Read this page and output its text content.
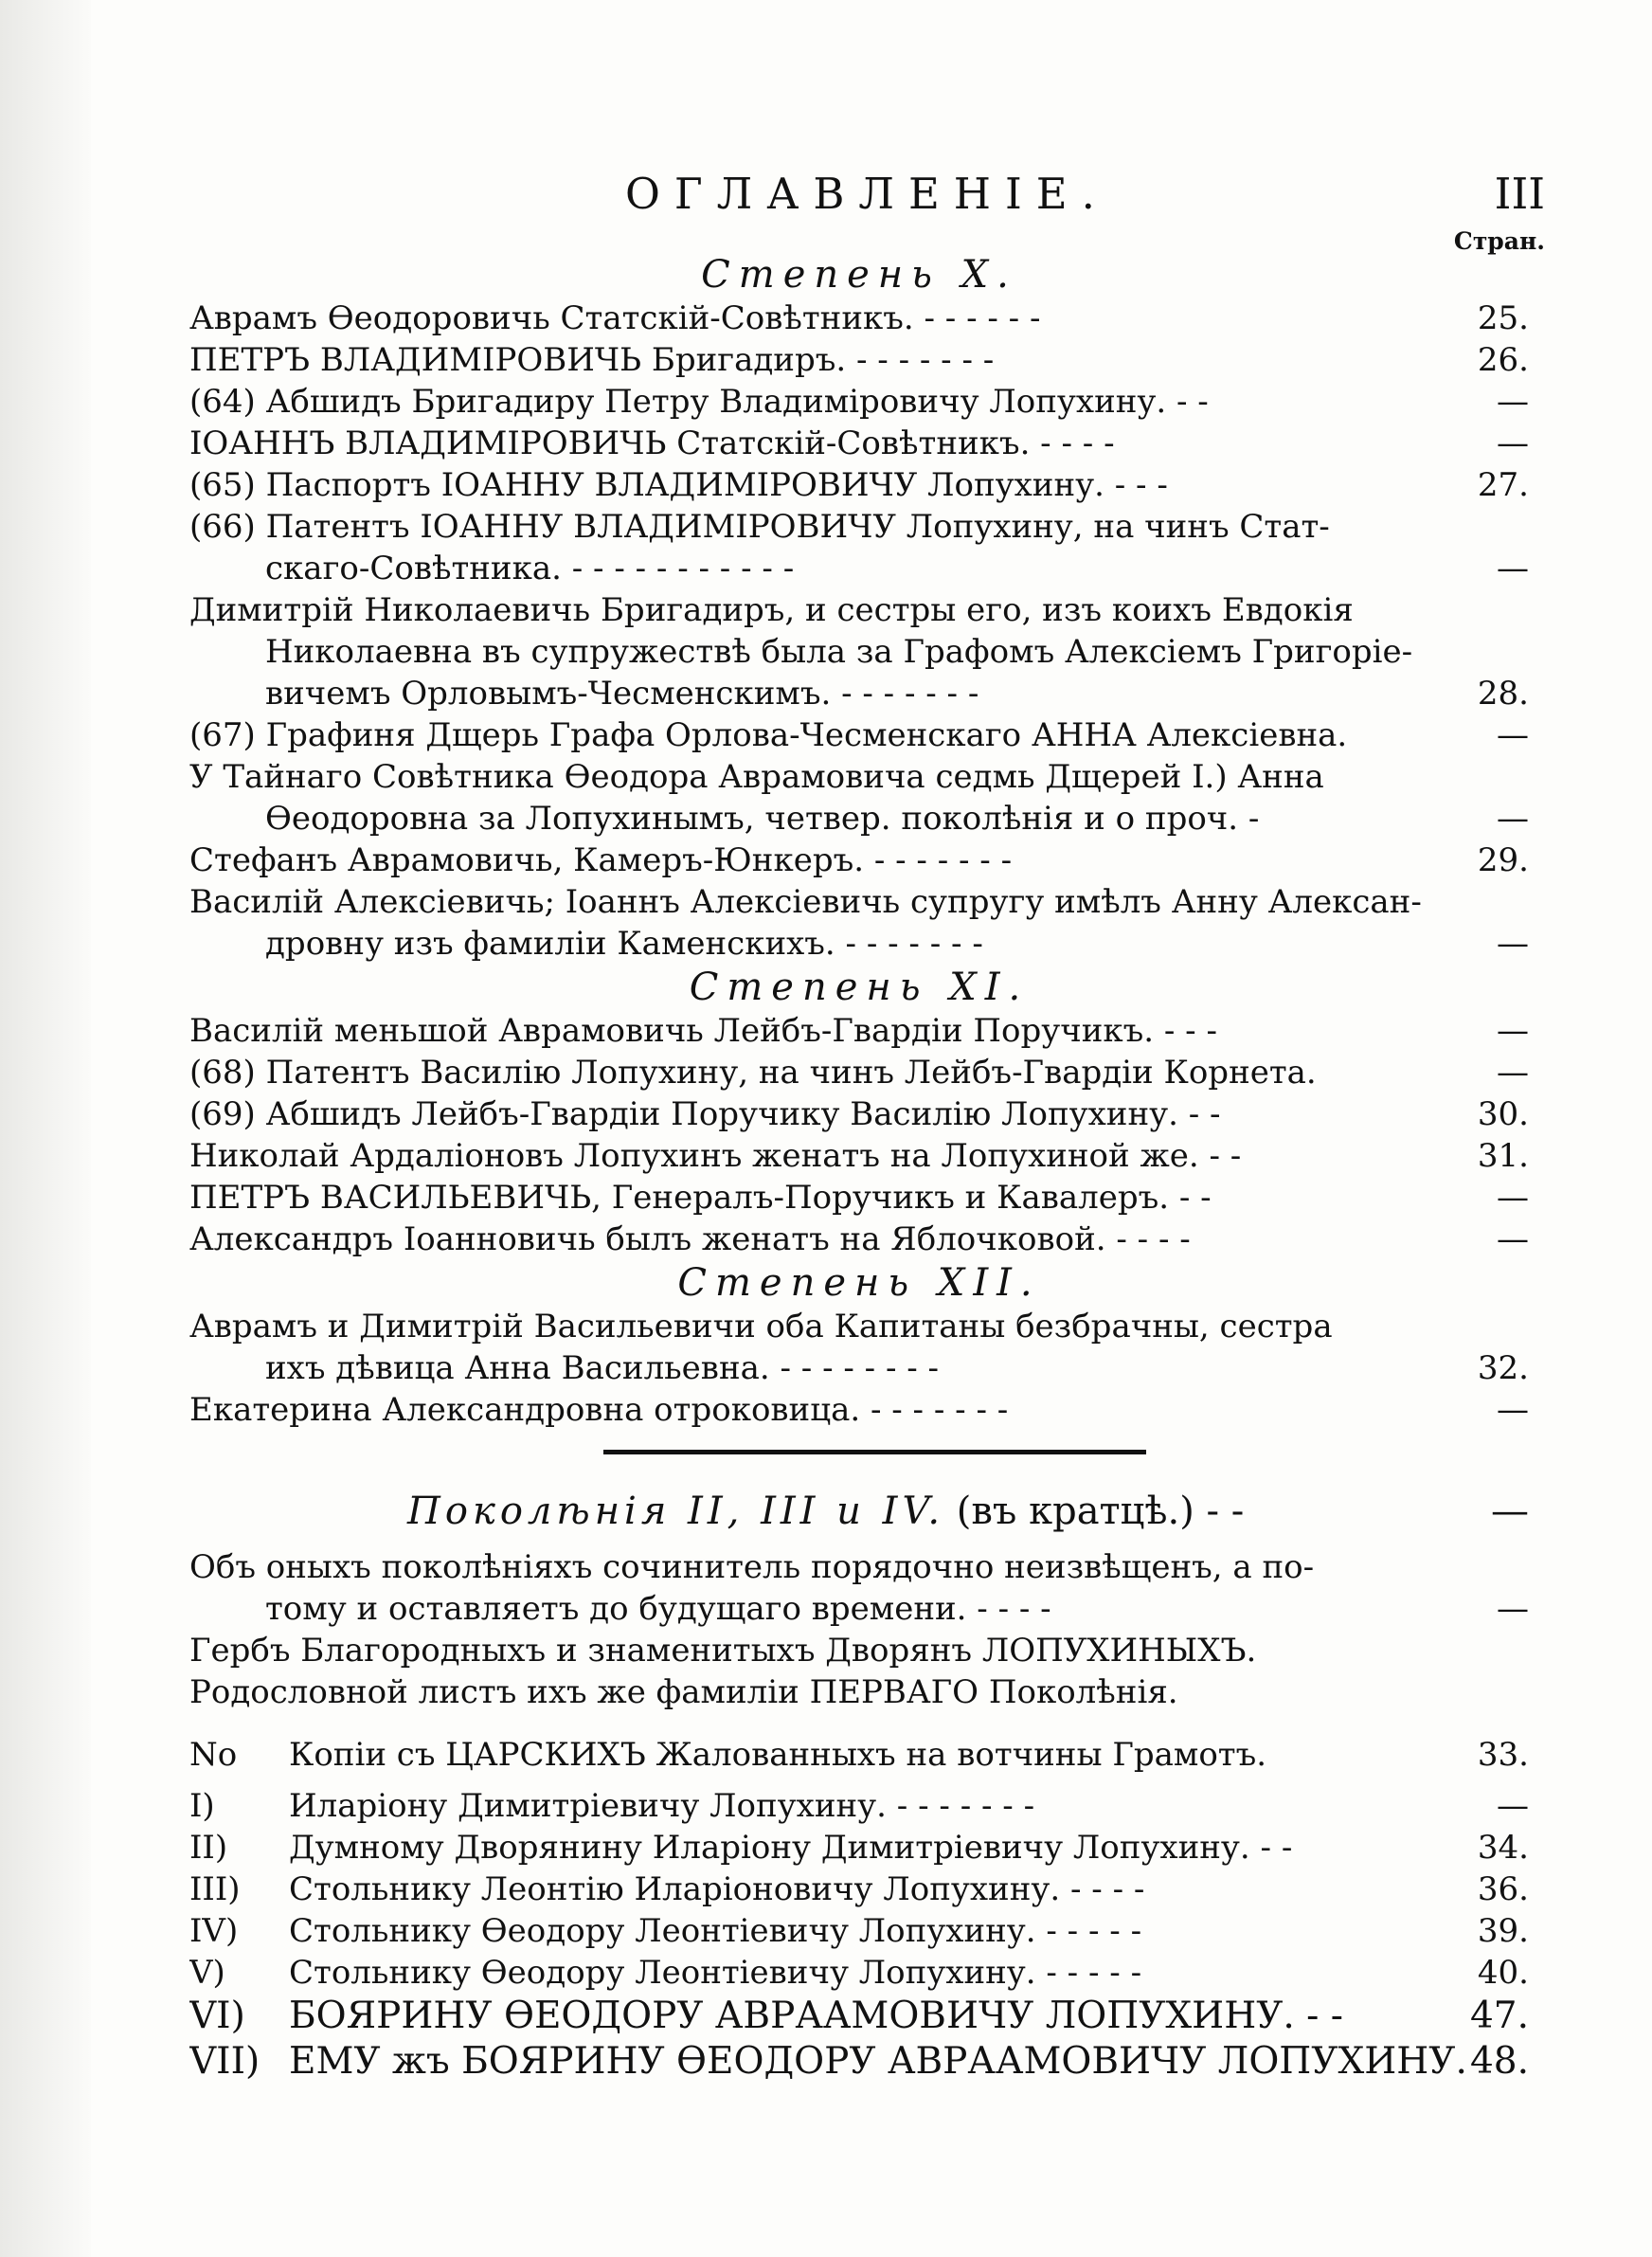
ОГЛАВЛЕНІЕ.	III
Стран.
Степень X.
Аврамъ Өеодоровичь Статскій-Совѣтникъ. - - - - - -	25.
ПЕТРЪ ВЛАДИМІРОВИЧЬ Бригадиръ. - - - - - - -	26.
(64) Абшидъ Бригадиру Петру Владиміровичу Лопухину. - -	—
ІОАННЪ ВЛАДИМІРОВИЧЬ Статскій-Совѣтникъ. - - - -	—
(65) Паспортъ ІОАННУ ВЛАДИМІРОВИЧУ Лопухину. - - -	27.
(66) Патентъ ІОАННУ ВЛАДИМІРОВИЧУ Лопухину, на чинъ Стат-
скаго-Совѣтника. - - - - - - - - - - -	—
Димитрій Николаевичь Бригадиръ, и сестры его, изъ коихъ Евдокія
Николаевна въ супружествѣ была за Графомъ Алексіемъ Григоріе-
вичемъ Орловымъ-Чесменскимъ. - - - - - - -	28.
(67) Графиня Дщерь Графа Орлова-Чесменскаго АННА Алексіевна.	—
У Тайнаго Совѣтника Өеодора Аврамовича седмь Дщерей І.) Анна
Өеодоровна за Лопухинымъ, четвер. поколѣнія и о проч. -	—
Стефанъ Аврамовичь, Камеръ-Юнкеръ. - - - - - - -	29.
Василій Алексіевичь; Іоаннъ Алексіевичь супругу имѣлъ Анну Алексан-
дровну изъ фамиліи Каменскихъ. - - - - - - -	—
Степень XI.
Василій меньшой Аврамовичь Лейбъ-Гвардіи Поручикъ. - - -	—
(68) Патентъ Василію Лопухину, на чинъ Лейбъ-Гвардіи Корнета.	—
(69) Абшидъ Лейбъ-Гвардіи Поручику Василію Лопухину. - -	30.
Николай Ардаліоновъ Лопухинъ женатъ на Лопухиной же. - -	31.
ПЕТРЪ ВАСИЛЬЕВИЧЬ, Генералъ-Поручикъ и Кавалеръ. - -	—
Александръ Іоанновичь былъ женатъ на Яблочковой. - - - -	—
Степень XII.
Аврамъ и Димитрій Васильевичи оба Капитаны безбрачны, сестра
ихъ дѣвица Анна Васильевна. - - - - - - - -	32.
Екатерина Александровна отроковица. - - - - - - -	—
Поколѣнія II, III и IV. (въ кратцѣ.) - -	—
Объ оныхъ поколѣніяхъ сочинитель порядочно неизвѣщенъ, а по-
тому и оставляетъ до будущаго времени. - - - -	—
Гербъ Благородныхъ и знаменитыхъ Дворянъ ЛОПУХИНЫХЪ.
Родословной листъ ихъ же фамиліи ПЕРВАГО Поколѣнія.
No Копіи съ ЦАРСКИХЪ Жалованныхъ на вотчины Грамотъ.	33.
I) Иларіону Димитріевичу Лопухину. - - - - - - -	—
II) Думному Дворянину Иларіону Димитріевичу Лопухину. - -	34.
III) Стольнику Леонтію Иларіоновичу Лопухину. - - - -	36.
IV) Стольнику Өеодору Леонтіевичу Лопухину. - - - - -	39.
V) Стольнику Өеодору Леонтіевичу Лопухину. - - - - -	40.
VI) БОЯРИНУ ӨЕОДОРУ АВРААМОВИЧУ ЛОПУХИНУ. - -	47.
VII) ЕМУ жъ БОЯРИНУ ӨЕОДОРУ АВРААМОВИЧУ ЛОПУХИНУ. 48.
